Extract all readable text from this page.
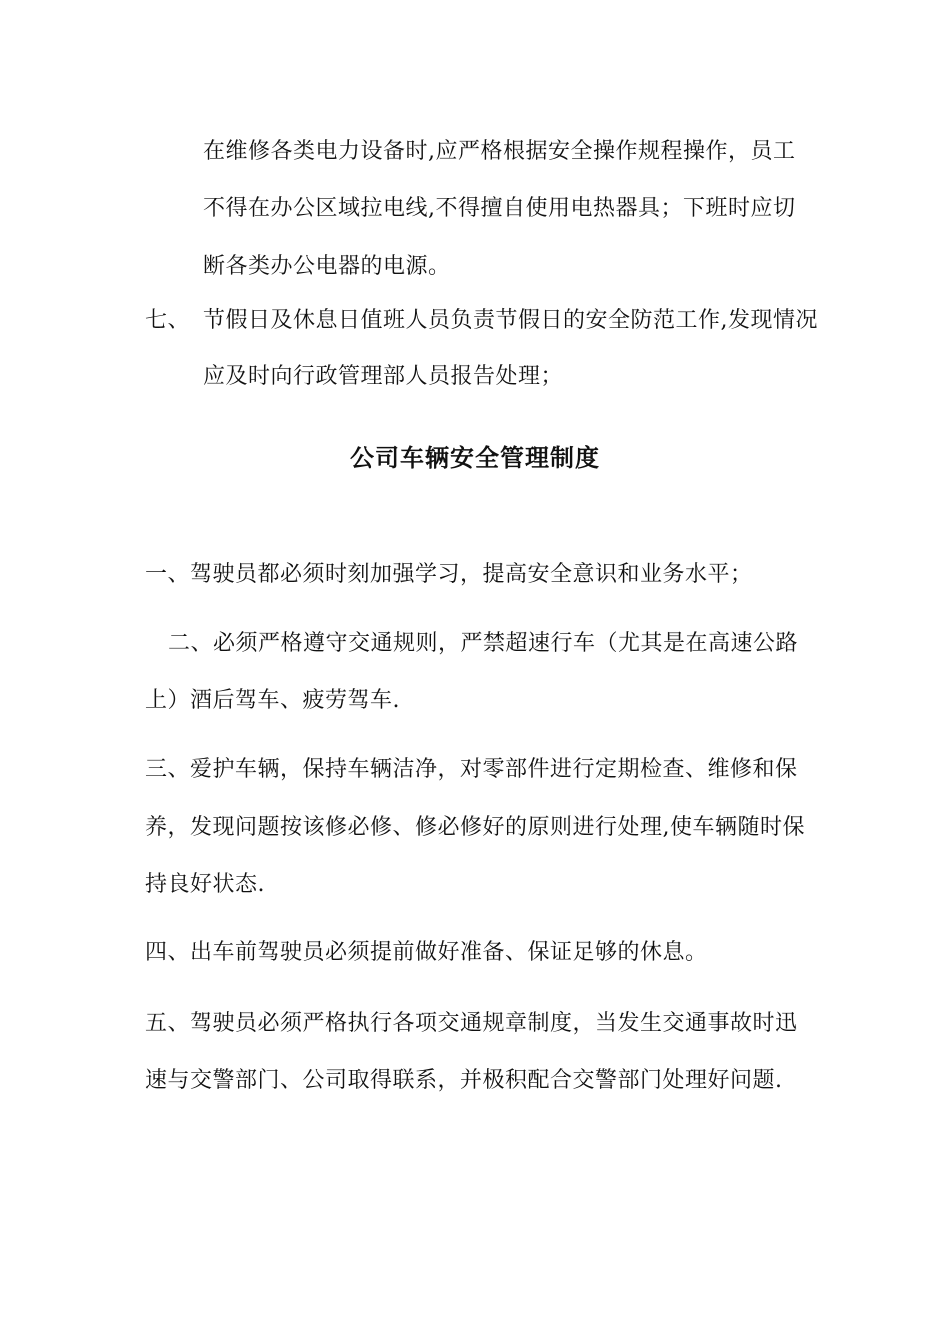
在维修各类电力设备时,应严格根据安全操作规程操作，员工
不得在办公区域拉电线,不得擅自使用电热器具；下班时应切
断各类办公电器的电源。
七、 节假日及休息日值班人员负责节假日的安全防范工作,发现情况
应及时向行政管理部人员报告处理；
公司车辆安全管理制度
一、驾驶员都必须时刻加强学习，提高安全意识和业务水平；
二、必须严格遵守交通规则，严禁超速行车（尤其是在高速公路
上）酒后驾车、疲劳驾车.
三、爱护车辆，保持车辆洁净，对零部件进行定期检查、维修和保
养，发现问题按该修必修、修必修好的原则进行处理,使车辆随时保
持良好状态.
四、出车前驾驶员必须提前做好准备、保证足够的休息。
五、驾驶员必须严格执行各项交通规章制度，当发生交通事故时迅
速与交警部门、公司取得联系，并极积配合交警部门处理好问题.
